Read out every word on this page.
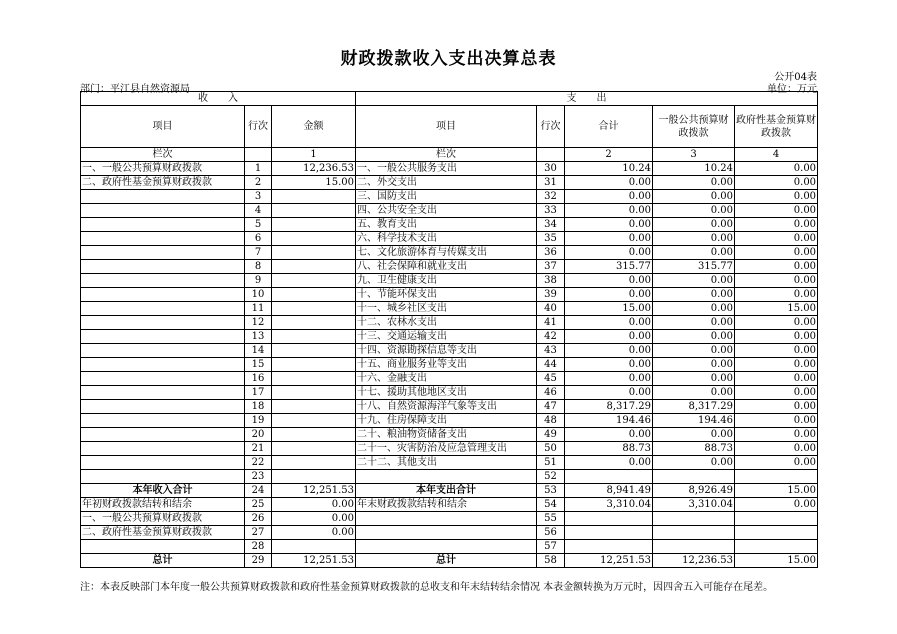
财政拨款收入支出决算总表
公开04表
部门：平江县自然资源局	单位：万元
收　　入			支　　出				
项目	行次	金额	项目	行次	合计	一般公共预算财政拨款	政府性基金预算财政拨款
栏次		1	栏次		2	3	4
一、一般公共预算财政拨款	1	12,236.53	一、一般公共服务支出	30	10.24	10.24	0.00
二、政府性基金预算财政拨款	2	15.00	二、外交支出	31	0.00	0.00	0.00
	3		三、国防支出	32	0.00	0.00	0.00
	4		四、公共安全支出	33	0.00	0.00	0.00
	5		五、教育支出	34	0.00	0.00	0.00
	6		六、科学技术支出	35	0.00	0.00	0.00
	7		七、文化旅游体育与传媒支出	36	0.00	0.00	0.00
	8		八、社会保障和就业支出	37	315.77	315.77	0.00
	9		九、卫生健康支出	38	0.00	0.00	0.00
	10		十、节能环保支出	39	0.00	0.00	0.00
	11		十一、城乡社区支出	40	15.00	0.00	15.00
	12		十二、农林水支出	41	0.00	0.00	0.00
	13		十三、交通运输支出	42	0.00	0.00	0.00
	14		十四、资源勘探信息等支出	43	0.00	0.00	0.00
	15		十五、商业服务业等支出	44	0.00	0.00	0.00
	16		十六、金融支出	45	0.00	0.00	0.00
	17		十七、援助其他地区支出	46	0.00	0.00	0.00
	18		十八、自然资源海洋气象等支出	47	8,317.29	8,317.29	0.00
	19		十九、住房保障支出	48	194.46	194.46	0.00
	20		二十、粮油物资储备支出	49	0.00	0.00	0.00
	21		二十一、灾害防治及应急管理支出	50	88.73	88.73	0.00
	22		二十二、其他支出	51	0.00	0.00	0.00
	23			52			
本年收入合计	24	12,251.53	本年支出合计	53	8,941.49	8,926.49	15.00
年初财政拨款结转和结余	25	0.00	年末财政拨款结转和结余	54	3,310.04	3,310.04	0.00
一、一般公共预算财政拨款	26	0.00		55			
二、政府性基金预算财政拨款	27	0.00		56			
	28			57			
总计	29	12,251.53	总计	58	12,251.53	12,236.53	15.00
注：本表反映部门本年度一般公共预算财政拨款和政府性基金预算财政拨款的总收支和年末结转结余情况 本表金额转换为万元时，因四舍五入可能存在尾差。
